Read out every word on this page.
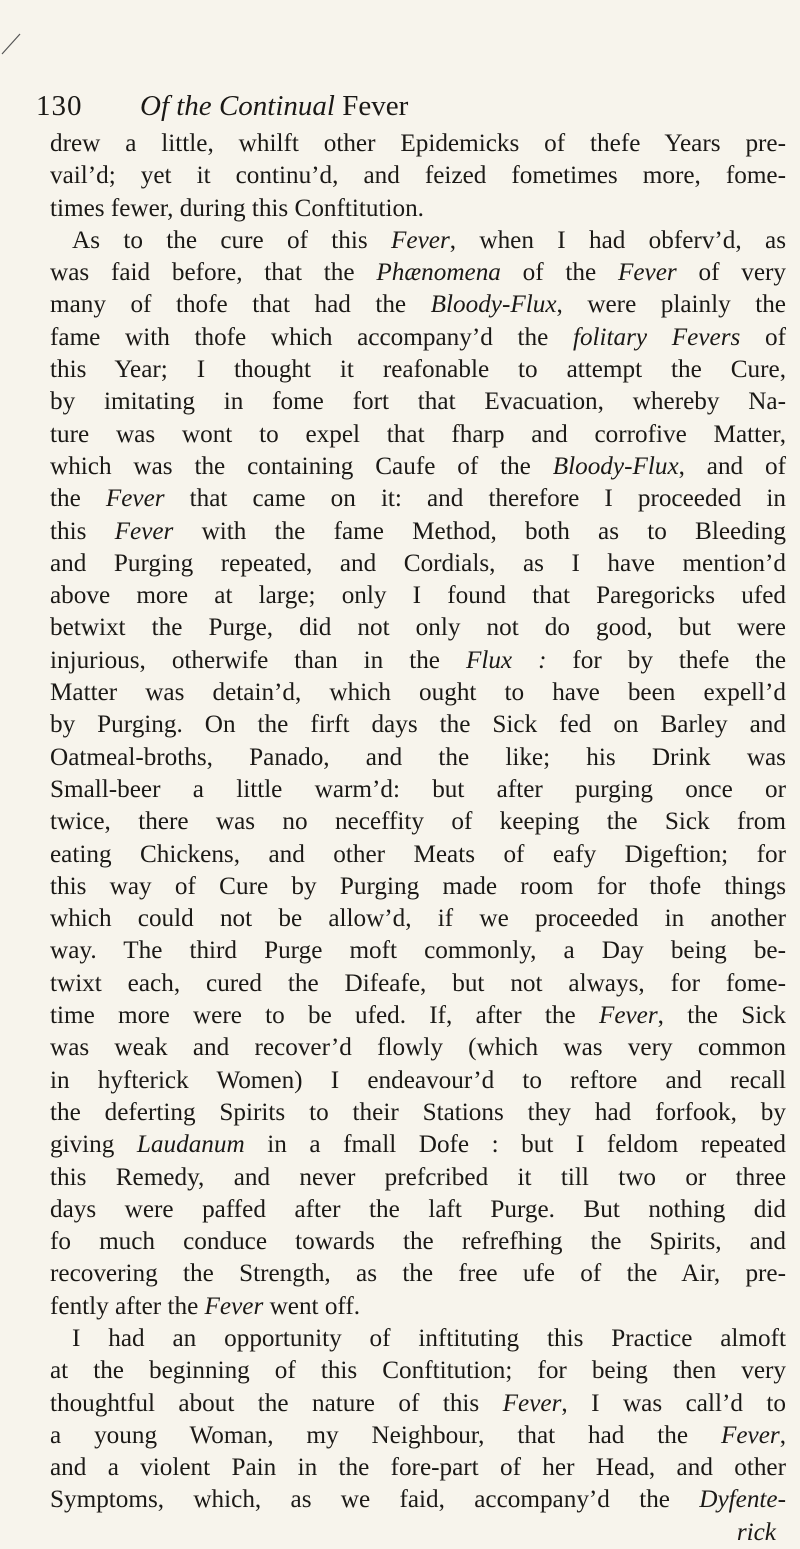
130 Of the Continual Fever
drew a little, whilft other Epidemicks of thefe Years pre-
vail’d; yet it continu’d, and feized fometimes more, fome-
times fewer, during this Conftitution.
As to the cure of this Fever, when I had obferv’d, as
was faid before, that the Phænomena of the Fever of very
many of thofe that had the Bloody-Flux, were plainly the
fame with thofe which accompany’d the folitary Fevers of
this Year; I thought it reafonable to attempt the Cure,
by imitating in fome fort that Evacuation, whereby Na-
ture was wont to expel that fharp and corrofive Matter,
which was the containing Caufe of the Bloody-Flux, and of
the Fever that came on it: and therefore I proceeded in
this Fever with the fame Method, both as to Bleeding
and Purging repeated, and Cordials, as I have mention’d
above more at large; only I found that Paregoricks ufed
betwixt the Purge, did not only not do good, but were
injurious, otherwife than in the Flux : for by thefe the
Matter was detain’d, which ought to have been expell’d
by Purging. On the firft days the Sick fed on Barley and
Oatmeal-broths, Panado, and the like; his Drink was
Small-beer a little warm’d: but after purging once or
twice, there was no neceffity of keeping the Sick from
eating Chickens, and other Meats of eafy Digeftion; for
this way of Cure by Purging made room for thofe things
which could not be allow’d, if we proceeded in another
way. The third Purge moft commonly, a Day being be-
twixt each, cured the Difeafe, but not always, for fome-
time more were to be ufed. If, after the Fever, the Sick
was weak and recover’d flowly (which was very common
in hyfterick Women) I endeavour’d to reftore and recall
the deferting Spirits to their Stations they had forfook, by
giving Laudanum in a fmall Dofe : but I feldom repeated
this Remedy, and never prefcribed it till two or three
days were paffed after the laft Purge. But nothing did
fo much conduce towards the refrefhing the Spirits, and
recovering the Strength, as the free ufe of the Air, pre-
fently after the Fever went off.
I had an opportunity of inftituting this Practice almoft
at the beginning of this Conftitution; for being then very
thoughtful about the nature of this Fever, I was call’d to
a young Woman, my Neighbour, that had the Fever,
and a violent Pain in the fore-part of her Head, and other
Symptoms, which, as we faid, accompany’d the Dyfente-
rick
